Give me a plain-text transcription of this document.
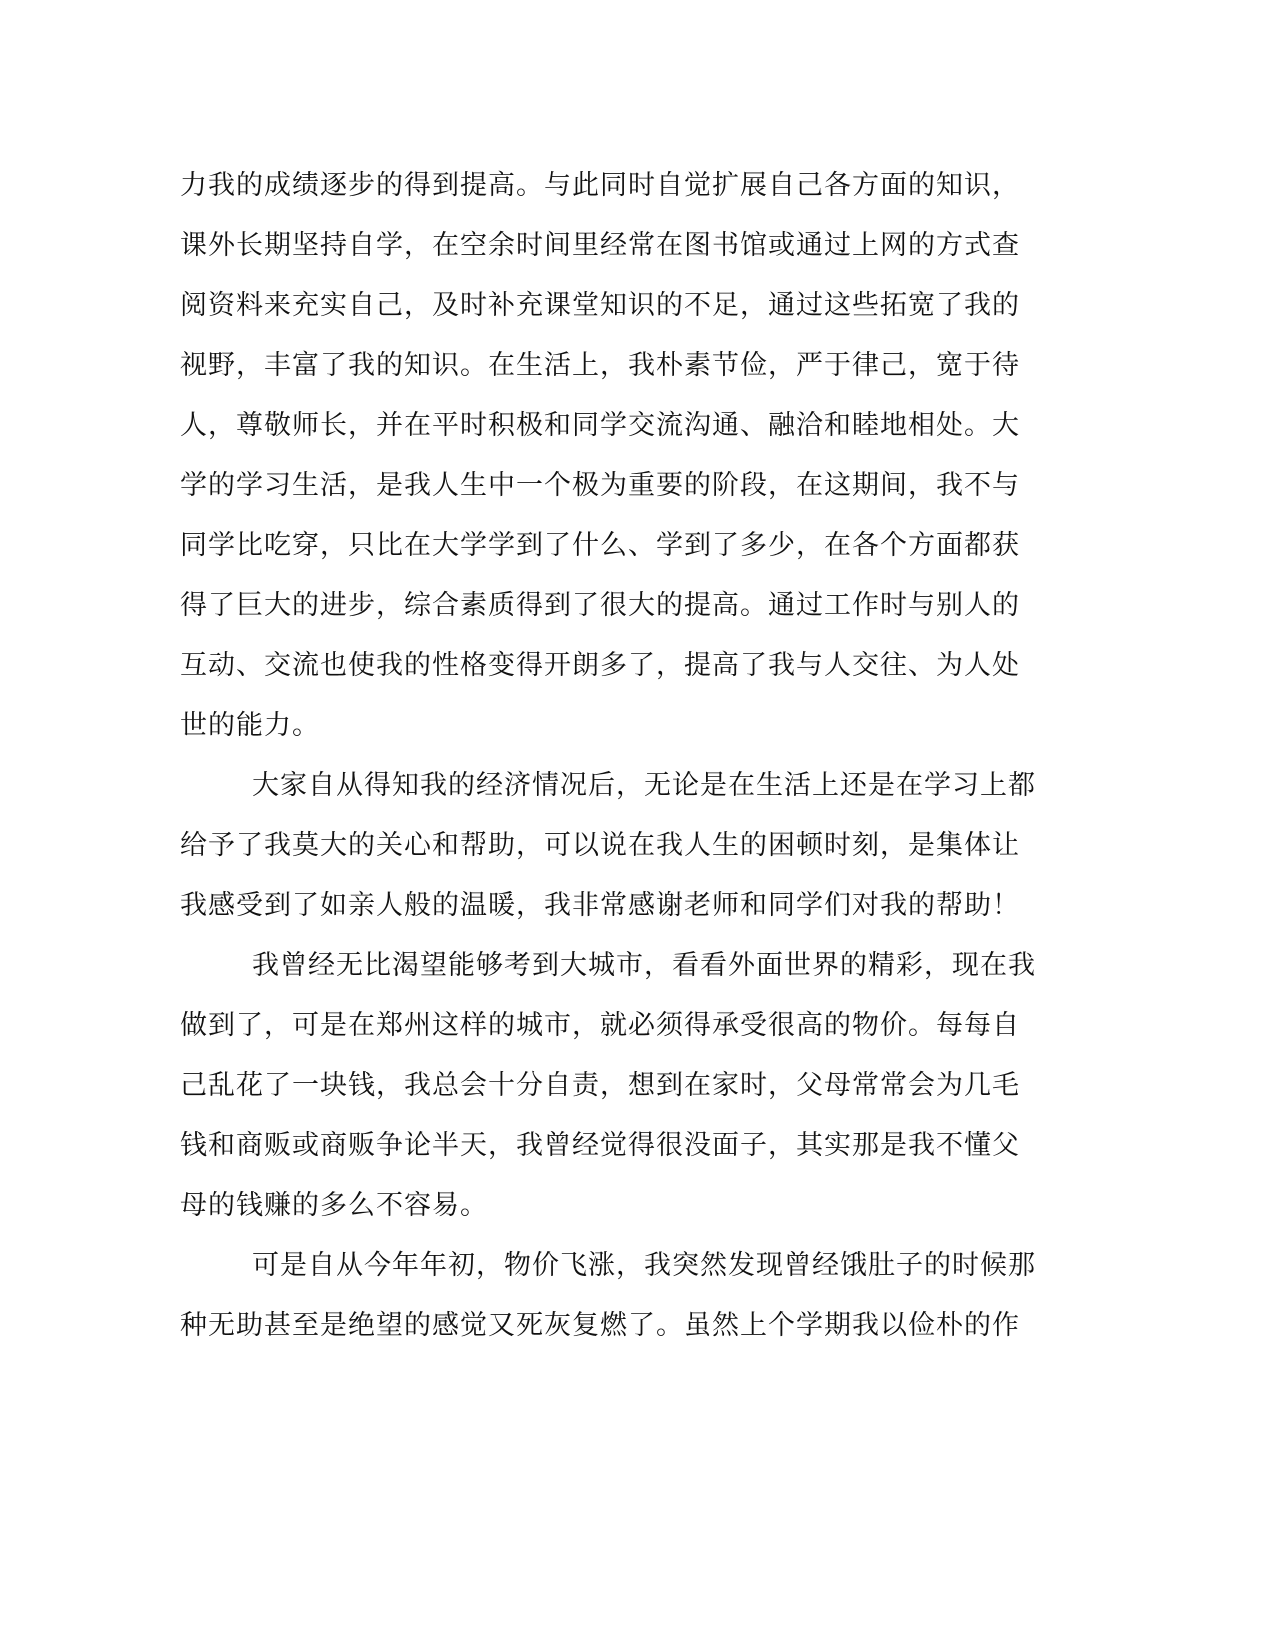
力我的成绩逐步的得到提高。与此同时自觉扩展自己各方面的知识，
课外长期坚持自学，在空余时间里经常在图书馆或通过上网的方式查
阅资料来充实自己，及时补充课堂知识的不足，通过这些拓宽了我的
视野，丰富了我的知识。在生活上，我朴素节俭，严于律己，宽于待
人，尊敬师长，并在平时积极和同学交流沟通、融洽和睦地相处。大
学的学习生活，是我人生中一个极为重要的阶段，在这期间，我不与
同学比吃穿，只比在大学学到了什么、学到了多少，在各个方面都获
得了巨大的进步，综合素质得到了很大的提高。通过工作时与别人的
互动、交流也使我的性格变得开朗多了，提高了我与人交往、为人处
世的能力。
大家自从得知我的经济情况后，无论是在生活上还是在学习上都
给予了我莫大的关心和帮助，可以说在我人生的困顿时刻，是集体让
我感受到了如亲人般的温暖，我非常感谢老师和同学们对我的帮助！
我曾经无比渴望能够考到大城市，看看外面世界的精彩，现在我
做到了，可是在郑州这样的城市，就必须得承受很高的物价。每每自
己乱花了一块钱，我总会十分自责，想到在家时，父母常常会为几毛
钱和商贩或商贩争论半天，我曾经觉得很没面子，其实那是我不懂父
母的钱赚的多么不容易。
可是自从今年年初，物价飞涨，我突然发现曾经饿肚子的时候那
种无助甚至是绝望的感觉又死灰复燃了。虽然上个学期我以俭朴的作
